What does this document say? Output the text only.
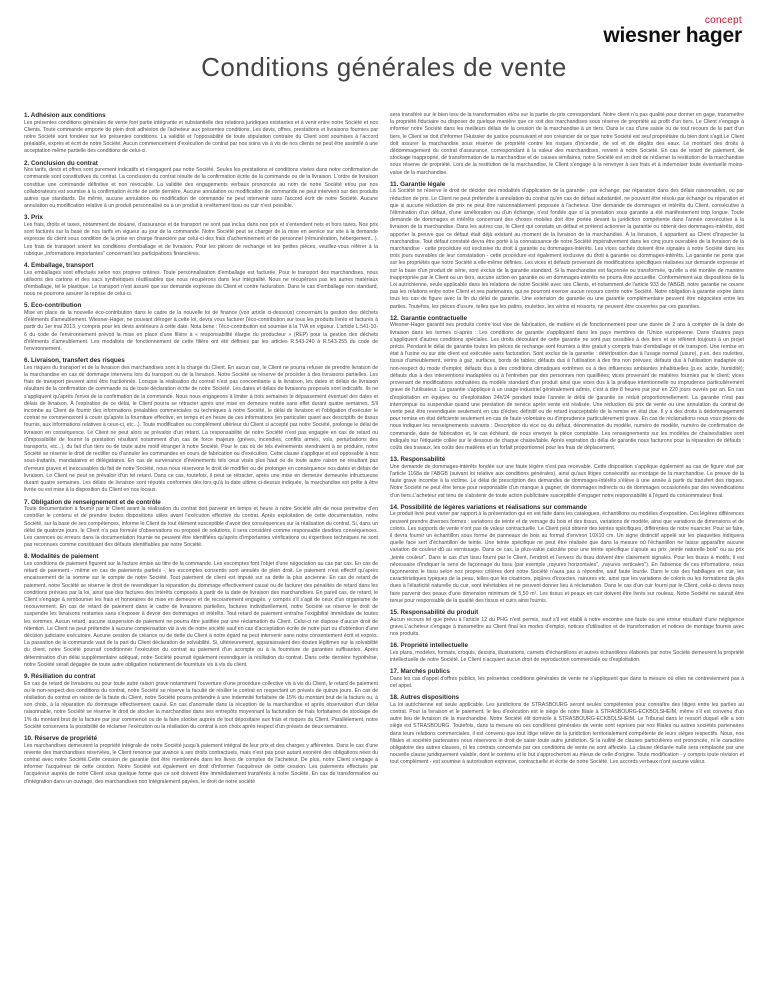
concept
wiesner hager
Conditions générales de vente
1. Adhésion aux conditions

Les présentes conditions générales de vente font partie intégrante et substantielle des relations juridiques existantes et à venir entre notre Société et nos Clients. Toute commande emporte de plein droit adhésion de l'acheteur aux présentes conditions. Les devis, offres, prestations et livraisons fournies par notre Société sont fondées sur les présentes conditions. La validité et l'opposabilité de toute stipulation contraire du Client sont soumises à l'accord préalable, exprès et écrit de notre Société. Aucun commencement d'exécution de contrat par nos soins vis à vis de nos clients ne peut être assimilé à une acceptation même partielle des conditions de celui-ci.

2. Conclusion du contrat

Nos tarifs, devis et offres sont purement indicatifs et n'engagent pas notre Société. Seules les prestations et conditions visées dans notre confirmation de commande sont constitutives du contrat. La conclusion du contrat résulte de la confirmation écrite de la commande ou de la livraison. L'ordre de livraison constitue une commande définitive et non révocable. La validité des engagements verbaux prononcés au nom de notre Société et/ou par nos collaborateurs est soumise à la confirmation écrite de cette dernière. Aucune annulation ou modification de commande ne peut intervenir sur des produits autres que standards. De même, aucune annulation ou modification de commande ne peut intervenir sans l'accord écrit de notre Société. Aucune annulation ou modification relative à un produit personnalisé ou à un produit à revêtement tissu ou cuir n'est possible.

3. Prix

Les frais, droits et taxes, notamment de douane, d'assurance et de transport ne sont pas inclus dans nos prix et s'entendent nets et hors taxes. Nos prix sont facturés sur la base de nos tarifs en vigueur au jour de la commande. Notre Société peut se charger de la mise en service sur site à la demande expresse du client sous condition de la prise en charge financière par celui-ci des frais d'acheminement et de personnel (rémunération, hébergement...). Les frais de transport soient les conditions d'emballage et de livraison. Pour les pièces de rechange et les petites pièces, veuillez-vous référer à la rubrique „informations importantes" concernant les participations financières.

4. Emballage, transport

Les emballages sont effectués selon nos propres critères. Toute personnalisation d'emballage est facturée. Pour le transport des marchandises, nous utilisons des cartons et des sacs synthétiques réutilisables que nous récupérons dans leur intégralité. Nous ne récupérons pas les autres matériaux d'emballage, tel le plastique. Le transport n'est assuré que sur demande expresse du Client et contre facturation. Dans le cas d'emballage non standard, nous ne pourrons assurer la reprise de celui-ci.

5. Eco-contribution

Mise en place de la nouvelle éco-contribution dans le cadre de la nouvelle loi de finance (voir article ci-dessous) concernant la gestion des déchets d'éléments d'ameublement. Wiesner-Hager, ne pouvant déroger à cette loi, devra vous facturer l'éco-contribution sur tous les produits livrés et facturés à partir du 1er mai 2013, y compris pour les devis antérieurs à cette date. Nota bene : l'éco-contribution est soumise à la TVA en vigueur. L'article L.541-10-6 du code de l'environnement prévoit la mise en place d'une filière à « responsabilité élargie du producteur » (REP) pour la gestion des déchets d'éléments d'ameublement. Les modalités de fonctionnement de cette filière ont été définies par les articles R.543-240 à R.543-255 du code de l'environnement.

6. Livraison, transfert des risques

Les risques du transport et de la livraison des marchandises sont à la charge du Client. En aucun cas, le Client ne pourra refuser de prendre livraison de la marchandise en cas de dommage intervenu lors du transport ou de la livraison. Notre Société se réserve de procéder à des livraisons partielles. Les frais de transport peuvent ainsi être fractionnés. Lorsque la réalisation du contrat n'est pas concomitante à la livraison, les dates et délais de livraison résultant de la confirmation de commande ou de toute déclaration écrite de notre Société. Les dates et délais de livraisons proposés sont indicatifs. Ils ne s'appliquent qu'après l'envoi de la confirmation de la commande. Nous nous engageons à limiter à trois semaines le dépassement éventuel des dates et délais de livraison. À l'expiration de ce délai, le Client pourra se rétracter après une mise en demeure restée sans effet durant quatre semaines. S'il incombe au Client de fournir des informations préalables commerciales ou techniques à notre Société, le délai de livraison et l'obligation d'exécuter le contrat ne commenceront à courir qu'après la fourniture effective, en temps et en heure de ces informations (en particulier quant aux descriptifs de tissus fournis, aux informations relatives à ceux-ci, etc...). Toute modification ou complément ultérieur du Client si accepté par notre Société, prolonge le délai de livraison en conséquence. Le Client ne peut alors se prévaloir d'un retard. La responsabilité de notre Société n'est pas engagée en cas de retard ou d'impossibilité de fournir la prestation résultant notamment d'un cas de force majeure (grèves, incendies, conflits armés, vols, perturbations des transports, etc...), du fait d'un tiers ou de toute autre motif étranger à notre Société. Pour le cas où de tels événements viendraient à se produire, notre Société se réserve le droit de rectifier ou d'annuler les commandes en cours de fabrication ou d'exécution. Cette clause s'applique et est opposable à nos sous-traitants, mandataires et délégataires. En cas de survenance d'événements tels ceux visés plus haut ou de toute autre raison ne résultant pas d'erreurs graves et inexcusables du fait de notre Société, nous nous réservons le droit de modifier ou de prolonger en conséquence nos dates et délais de livraison. Le Client ne peut se prévaloir d'un tel retard. Dans ce cas, toutefois, il peut se rétracter, après une mise en demeure demeurée infructueuse durant quatre semaines. Les délais de livraison sont réputés conformes dès lors qu'à la date ultime ci-dessus indiquée, la marchandise est prête à être livrée ou est mise à la disposition du Client en nos locaux.

7. Obligation de renseignement et de contrôle

Toute documentation à fournir par le Client avant la réalisation du contrat doit parvenir en temps et heure à notre Société afin de nous permettre d'en contrôler le contenu et de prendre toutes dispositions utiles avant l'exécution effective du contrat. Après exploitation de cette documentation, notre Société, sur la base de ses compétences, informe le Client de tout élément susceptible d'avoir des conséquences sur la réalisation du contrat. Si, dans un délai de quatorze jours, le Client n'a pas formulé d'observations ou proposé de solutions, il sera considéré comme responsable desdites conséquences. Les carences ou erreurs dans la documentation fournie ne peuvent être identifiées qu'après d'importantes vérifications ou expertises techniques ne sont pas reconnues comme constituant des défauts identifiables par notre Société.

8. Modalités de paiement

Les conditions de paiement figurent sur la facture émise au titre de la commande. Les escomptes font l'objet d'une négociation au cas par cas. En cas de retard de paiement - même en cas de paiements partiels -, les escomptes consentis sont annulés de plein droit. Le paiement n'est effectif qu'après encaissement de la somme sur le compte de notre Société. Tout paiement de client est imputé sur sa dette la plus ancienne. En cas de retard de paiement, notre Société se réserve le droit de revendiquer la réparation du dommage effectivement causé ou de facturer des pénalités de retard dans les conditions prévues par la loi, ainsi que des factures des intérêts composés à partir de la date de livraison des marchandises. En pareil cas, de retard, le Client s'engage à rembourser les frais et honoraires de mise en demeure et de recouvrement engagés, y compris s'il s'agit de ceux d'un organisme de recouvrement. En cas de retard de paiement dans le cadre de livraisons partielles, factures individuellement, notre Société se réserve le droit de suspendre les livraisons restantes sans s'exposer à devoir des dommages et intérêts. Tout retard de paiement entraîne l'exigibilité immédiate de toutes les sommes. Aucun retard, aucune suspension de paiement ne pourra être justifiée par une réclamation du Client. Celui-ci ne dispose d'aucun droit de rétention. Le Client ne peut prétendre à aucune compensation vis à vis de notre société sauf en cas d'acceptation écrite de notre part ou d'obtention d'une décision judiciaire exécutoire. Aucune cession de créance ou de dette du Client à notre égard ne peut intervenir sans notre consentement écrit et exprès. La passation de la commande vaut de la part du Client déclaration de solvabilité. Si, ultérieurement, apparaissaient des doutes légitimes sur la solvabilité du client, notre Société pourrait conditionner l'exécution du contrat au paiement d'un acompte ou à la fourniture de garanties suffisantes. Après détermination d'un délai supplémentaire adéquat, notre Société pourrait également revendiquer la résiliation du contrat. Dans cette dernière hypothèse, notre Société serait dégagée de toute autre obligation notamment de fourniture vis à vis du client.

9. Résiliation du contrat

En cas de retard de livraisons ou pour toute autre raison grave notamment l'ouverture d'une procédure collective vis à vis du Client, le retard de paiement ou le non-respect des conditions du contrat, notre Société se réserve la faculté de résilier le contrat en respectant un préavis de quinze jours. En cas de résiliation du contrat en raison de la faute du Client, notre Société pourra prétendre à une indemnité forfaitaire de 15% du montant brut de la facture ou, à son choix, à la réparation du dommage effectivement causé. En cas d'anomalie dans la réception de la marchandise et après observation d'un délai raisonnable, notre Société se réserve le droit de stocker la marchandise dans ses entrepôts moyennant la facturation de frais forfaitaires de stockage de 1% du montant brut de la facture par jour commencé ou de la faire stocker auprès de tout dépositaire aux frais et risques du Client. Parallèlement, notre Société conservera la possibilité de réclamer l'exécution ou la résiliation du contrat à son choix après respect d'un préavis de deux semaines.

10. Réserve de propriété

Les marchandises demeurent la propriété intégrale de notre Société jusqu'à paiement intégral de leur prix et des charges y afférentes. Dans le cas d'une revente des marchandises réservées, le Client renonce par avance à ses droits contractuels, mais n'est pas pour autant exonéré des obligations nées du contrat avec notre Société.Cette cession de garantie doit être mentionnée dans les livres de comptes de l'acheteur. De plus, notre Client s'engage à informer l'acquéreur de cette cession. Notre Société est également en droit d'informer l'acquéreur de cette cession. Les paiements effectués par l'acquéreur auprès de notre Client sous quelque forme que ce soit doivent être immédiatement transférés à notre Société. En cas de transformation ou d'intégration dans un ouvrage, des marchandises non intégralement payées, le droit de notre société

sera transféré sur le bien issu de la transformation et/ou sur la partie du prix correspondant. Notre client n'a pas qualité pour donner en gage, transmettre la propriété fiduciaire ou disposer de quelque manière que ce soit des marchandises sous réserve de propriété au profit d'un tiers. Le Client s'engage à informer notre Société dans les meilleurs délais de la cession de la marchandise à un tiers. Dans le cas d'une saisie ou de tout recours de la part d'un tiers, le Client se doit d'informer l'Huissier de justice poursuivant et son créancier de ce que notre Société est seul propriétaire du bien dont s'agit.Le Client doit assurer la marchandise sous réserve de propriété contre les risques d'incendie, de vol et de dégâts des eaux. Le montant des droits à dédommagement du contrat d'assurance, correspondant à la valeur des marchandises, revient à notre Société. En cas de retard de paiement, de stockage inapproprié, de transformation de la marchandise et de causes similaires, notre Société est en droit de réclamer la restitution de la marchandise sous réserve de propriété. Lors de la restitution de la marchandise, le Client s'engage à la renvoyer à ses frais et à indemniser toute éventuelle moins-value de la marchandise.

11. Garantie légale

La Société se réserve le droit de décider des modalités d'application de la garantie : par échange, par réparation dans des délais raisonnables, ou par réduction de prix. Le Client ne peut prétendre à annulation du contrat qu'en cas de défaut substantiel, ne pouvant être résolu par échange ou réparation et que si aucune réduction de prix ne peut être raisonnablement proposée à l'acheteur. Une demande de dommages et intérêts du Client, consécutive à l'élimination d'un défaut, d'une amélioration ou d'un échange, n'est fondée que si la prestation sous garantie a été manifestement trop longue. Toute demande de dommages et intérêts concernant des choses mobiles doit être portée devant la juridiction compétente dans l'année consécutive à la livraison de la marchandise. Dans les autres cas, le Client qui constate un défaut et prétend actionner la garantie ou obtenir des dommages-intérêts, doit apporter la preuve que ce défaut était déjà existant au moment de la livraison de la marchandise. À la livraison, il appartient au Client d'inspecter la marchandise. Tout défaut constaté devra être porté à la connaissance de notre Société impérativement dans les cinq jours ouvrables de la livraison de la marchandise - cette procédure est exclusive du droit à garantie ou dommages-intérêts. Les vices cachés doivent être signalés à notre Société dans les trois jours ouvrables de leur constatation - cette procédure est également exclusive du droit à garantie ou dommages-intérêts. La garantie ne porte que sur les propriétés que notre Société a elle-même définies. Les vices et défauts provenant de modifications spécifiques réalisées sur demande expresse et sur la base d'un produit de série, sont exclus de la garantie standard. Si la marchandise est façonnée ou transformée, qu'elle a été montée de manière inappropriée par le Client ou un tiers, aucune action en garantie ou en dommages-intérêts ne pourra être accueillie. Conformément aux dispositions de la Loi autrichienne, seule applicable dans les relations de notre Société avec ses Clients, et notamment de l'article 933 de l'ABGB, notre garantie ne couvre pas les relations entre notre Client et ses partenaires, qui ne pourront exercer aucun recours contre notre Société. Notre obligation à garantie expire dans tous les cas de figure avec la fin du délai de garantie. Une extension de garantie ou une garantie complémentaire peuvent être négociées entre les parties. Toutefois, les pièces d'usure, telles que les patins, roulettes, les vérins et ressorts, ne peuvent être couvertes par ces garanties.

12. Garantie contractuelle

Wiesner-Hager garantit ses produits contre tout vice de fabrication, de matière et de fonctionnement pour une durée de 2 ans à compter de la date de livraison dans les termes ci-après : Les conditions de garantie s'appliquent dans les pays membres de l'Union européenne. Dans d'autres pays s'appliquent d'autres conditions spéciales. Les droits découlant de cette garantie ne sont pas cessibles à des tiers et se réfèrent toujours à un projet précis. Pendant le délai de garantie toutes les pièces de rechange sont fournies à titre gratuit y compris frais d'emballage et de transport. Une remise en état à l'usine ou sur site client est exécutée sans facturation. Sont exclus de la garantie : détérioration due à l'usage normal (usure), p.ex. des roulettes, tissus d'ameublement, vérins à gaz, surfaces, bords de tables; défauts dus à l'utilisation à des fins non prévues; défauts dus à l'utilisation inadaptée ou non-respect du mode d'emploi; défauts dus à des conditions climatiques extrêmes ou à des influences ambiantes inhabituelles (p.ex. acide, humidité); défauts dus à des interventions inadaptées ou à l'entretien par des personnes non qualifiées; vices provenant de matières fournies par le client; vices provenant de modifications souhaitées du modèle standard d'un produit ainsi que vices dus à la pratique intentionnelle ou imprudence particulièrement grave de l'utilisateur. La garantie s'applique à un usage industriel généralement admis, c'est à dire 8 heures par jour en 220 jours ouvrés par an. En cas d'exploitation en équipes ou d'exploitation 24h/24 pendant toute l'année le délai de garantie se réduit proportionnellement. La garantie n'est pas interrompue ou suspendue quand une prestation de service après vente est réalisée. Une réduction du prix de vente ou une annulation du contrat de vente peut être revendiquée seulement en cas d'échec définitif ou de retard inacceptable de la remise en état due. Il y a des droits à dédommagement pour remise en état déficiente seulement en cas de faute volontaire ou d'imprudence particulièrement grave. En cas de réclamations nous vous prions de nous indiquer les renseignements suivants : Description du vice ou du défaut, dénomination du modèle, numéro de modèle, numéro de confirmation de commande, date de fabrication et, le cas échéant, de nous envoyer la pièce comptable. Les renseignements sur les modèles de chaises/tables sont indiqués sur l'étiquette collée sur le dessous de chaque chaise/table. Après expiration du délai de garantie nous facturons pour la réparation de défauts : coûts des travaux, les coûts des matières et un forfait proportionnel pour les frais de déplacement.

13. Responsabilité

Une demande de dommages-intérêts fondée sur une faute légère n'est pas recevable. Cette disposition s'applique également au cas de figure visé par l'article 1168a de l'ABGB (suivant loi relative aux conditions générales), ainsi qu'aux litiges consécutifs au montage de la marchandise. La preuve de la faute grave incombe à la victime. Le délai de prescription des demandes de dommages-intérêts s'élève à une année à partir du transfert des risques. Notre Société ne peut être tenue pour responsable d'un manque à gagner, de dommages indirects ou de dommages occasionnés par des revendications d'un tiers.L'acheteur est tenu de s'abstenir de toute action publicitaire susceptible d'engager notre responsabilité à l'égard du consommateur final.

14. Possibilité de légères variations et réalisations sur commande

Le produit livré peut varier par rapport à la présentation qui en est faite dans les catalogues, échantillons ou modèles d'exposition. Ces légères différences peuvent prendre diverses formes : variations de teinte et de vernage du bois et des tissus, variations de modèle, ainsi que variations de dimensions et de coloris. Les supports de vente n'ont pas de valeur contractuelle. Le Client peut obtenir des teintes spécifiques, différentes de notre nuancier. Pour se faire, il devra fournir un échantillon sous forme de panneaux de bois au format d'environ 10X10 cm. Un signe distinctif appelé sur les plaquettes indiquera quelle face sert d'échantillon de teinte. Une teinte spécifique ne peut être réalisée que dans la mesure où l'échantillon ne laisse apparaître aucune variation de couleur dû au vernissage. Dans ce cas, la plus-value calculée pour une teinte spécifique s'ajoute au prix „teinte naturelle bois" ou au prix „teinte couleur". Dans le cas d'un tissu fourni par le Client, l'endroit et l'envers du tissu doivent être clairement signalés. Pour les tissus à motifs, il est nécessaire d'indiquer le sens de façonnage du tissu (par exemple „rayures horizontales", „rayures verticales"). En l'absence de ces informations, nous façonnerons le tissu selon nos propres critères dont notre Société n'aura pas à répondre, sauf faute lourde. Dans le cas des habillages en cuir, les caractéristiques typiques de la peau, telles que les cicatrices, piqûres d'insectes, rainures etc. ainsi que les variations de coloris ou les formations de plis dues à l'élasticité naturelle du cuir, sont inévitables et ne peuvent donner lieu à réclamation. Dans le cas d'un cuir fourni par le Client, celui-ci devra nous faire parvenir des peaux d'une dimension minimum de 5,50 m². Les tissus et peaux en cuir doivent être livrés sur rouleau. Notre Société ne saurait être tenue pour responsable de la qualité des tissus et cuirs ainsi fournis.

15. Responsabilité du produit

Aucun recours tel que prévu à l'article 12 du PHG n'est permis, sauf s'il est établi à notre encontre une faute ou une erreur résultant d'une négligence grave.L'acheteur s'engage à transmettre au Client final les modes d'emploi, notices d'utilisation et de transformation et notices de montage fournis avec nos produits.

16. Propriété intellectuelle

Les plans, modèles, formats, croquis, dessins, illustrations, carnets d'échantillons et autres échantillons élaborés par notre Société demeurent la propriété intellectuelle de notre Société. Le Client n'acquiert aucun droit de reproduction commerciale ou d'exploitation.

17. Marchés publics

Dans les cas d'appel d'offres publics, les présentes conditions générales de vente ne s'appliquent que dans la mesure où elles ne contreviennent pas à cet appel.

18. Autres dispositions

La loi autrichienne est seule applicable. Les juridictions de STRASBOURG seront seules compétentes pour connaître des litiges entre les parties au contrat. Pour la livraison et le paiement, le lieu d'exécution est le siège de notre filiale à STRASBOURG-ECKBOLSHEIM, même s'il est convenu d'un autre lieu de livraison de la marchandise. Notre Société élit domicile à STRASBOURG-ECKBOLSHEIM. Le Tribunal dans le ressort duquel elle a son siège est STRASBOURG. Toutefois, dans la mesure où ces conditions générales de vente sont reprises par nos filiales ou autres sociétés partenaires dans leurs relations commerciales, il est convenu que tout litige relève de la juridiction territorialement compétente de leurs sièges respectifs. Nous, nos filiales et sociétés partenaires nous réservons le droit de saisir toute autre juridiction. Si la nullité de clauses particulières est prononcée, ni le caractère obligatoire des autres clauses, ni les contrats concernés par ces conditions de vente ne sont affectés. La clause déclarée nulle sera remplacée par une nouvelle clause juridiquement valable, dont le contenu et le but s'approcheront au mieux de celle d'origine. Toute modification - y compris toute révision et tout complément - est soumise à autorisation expresse, contractuelle et écrite de notre Société. Les accords verbaux n'ont aucune valeur.
